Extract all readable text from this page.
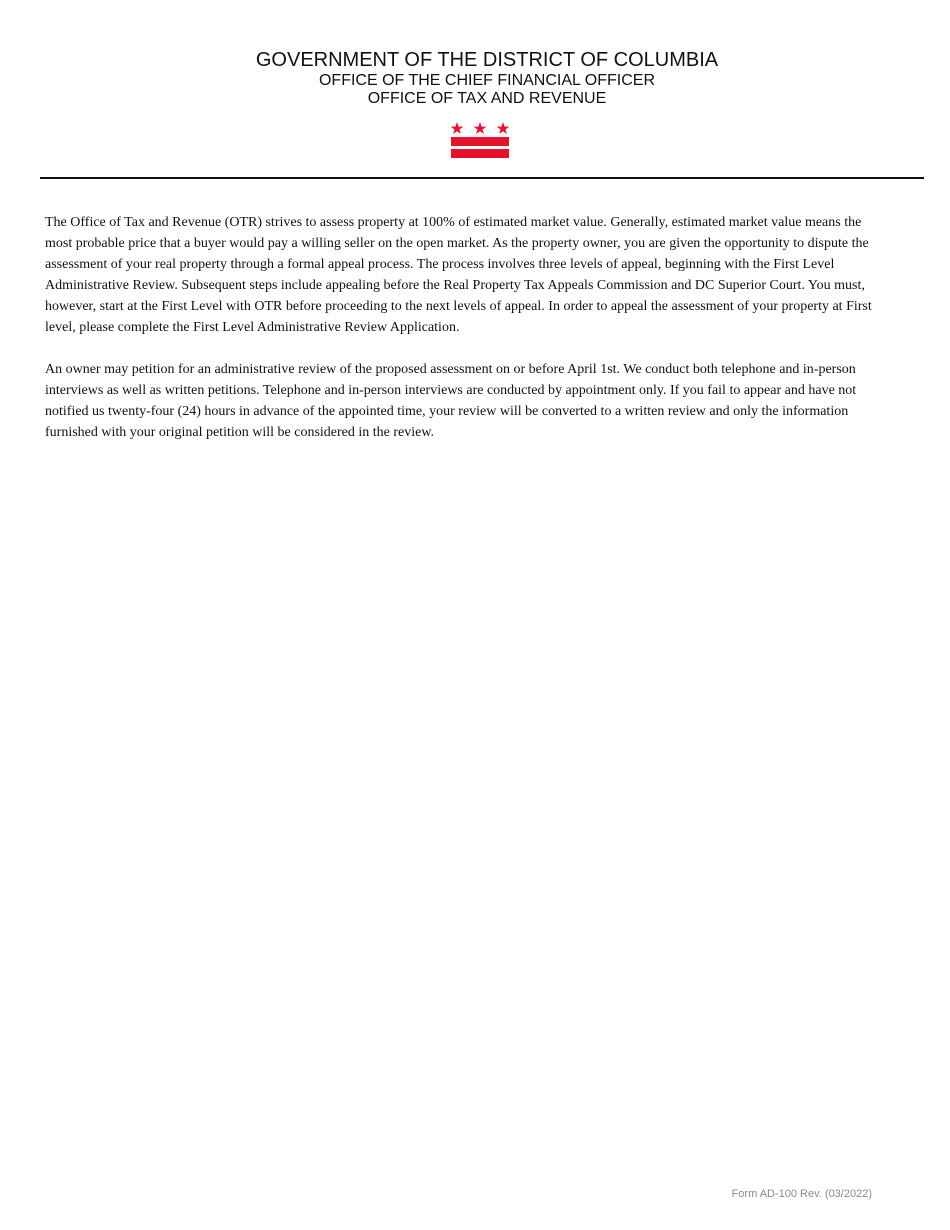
GOVERNMENT OF THE DISTRICT OF COLUMBIA
OFFICE OF THE CHIEF FINANCIAL OFFICER
OFFICE OF TAX AND REVENUE

The Office of Tax and Revenue (OTR) strives to assess property at 100% of estimated market value. Generally, estimated market value means the most probable price that a buyer would pay a willing seller on the open market. As the property owner, you are given the opportunity to dispute the assessment of your real property through a formal appeal process. The process involves three levels of appeal, beginning with the First Level Administrative Review. Subsequent steps include appealing before the Real Property Tax Appeals Commission and DC Superior Court. You must, however, start at the First Level with OTR before proceeding to the next levels of appeal. In order to appeal the assessment of your property at First level, please complete the First Level Administrative Review Application.

An owner may petition for an administrative review of the proposed assessment on or before April 1st. We conduct both telephone and in-person interviews as well as written petitions. Telephone and in-person interviews are conducted by appointment only. If you fail to appear and have not notified us twenty-four (24) hours in advance of the appointed time, your review will be converted to a written review and only the information furnished with your original petition will be considered in the review.

Form AD-100 Rev. (03/2022)
